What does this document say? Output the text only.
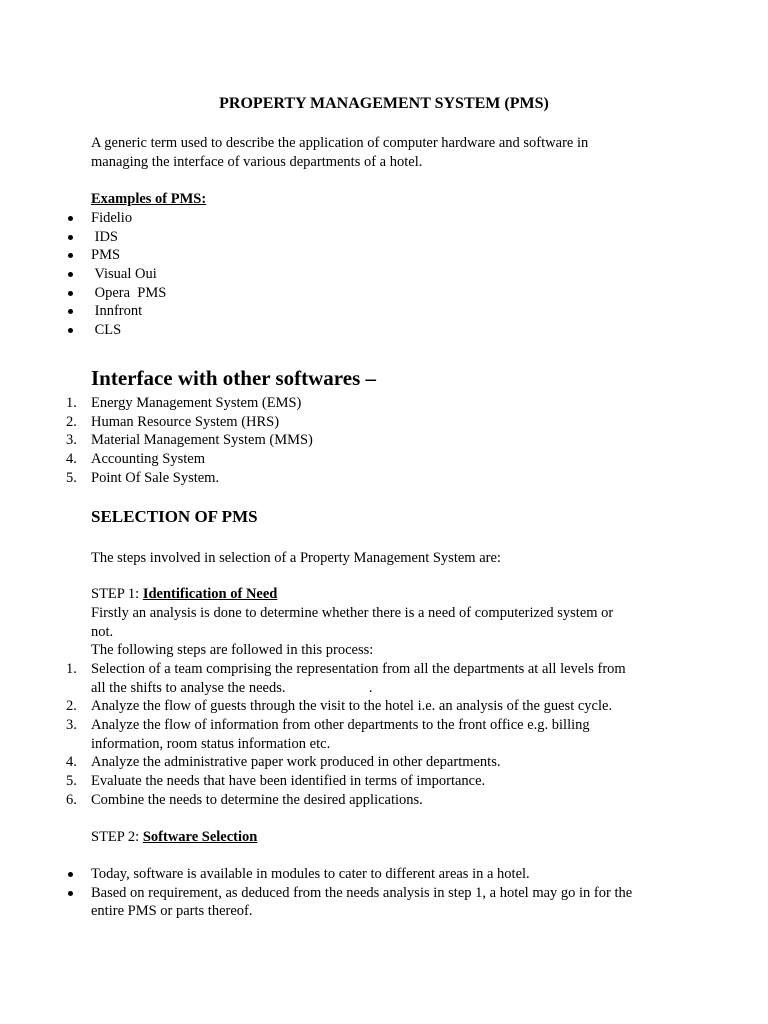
PROPERTY MANAGEMENT SYSTEM (PMS)
A generic term used to describe the application of computer hardware and software in
managing the interface of various departments of a hotel.
Examples of PMS:
Fidelio
IDS
PMS
Visual Oui
Opera  PMS
Innfront
CLS
Interface with other softwares –
1. Energy Management System (EMS)
2. Human Resource System (HRS)
3. Material Management System (MMS)
4. Accounting System
5. Point Of Sale System.
SELECTION OF PMS
The steps involved in selection of a Property Management System are:
STEP 1: Identification of Need
Firstly an analysis is done to determine whether there is a need of computerized system or
not.
The following steps are followed in this process:
1. Selection of a team comprising the representation from all the departments at all levels from
all the shifts to analyse the needs.                       .
2. Analyze the flow of guests through the visit to the hotel i.e. an analysis of the guest cycle.
3. Analyze the flow of information from other departments to the front office e.g. billing
information, room status information etc.
4. Analyze the administrative paper work produced in other departments.
5. Evaluate the needs that have been identified in terms of importance.
6. Combine the needs to determine the desired applications.
STEP 2: Software Selection
Today, software is available in modules to cater to different areas in a hotel.
Based on requirement, as deduced from the needs analysis in step 1, a hotel may go in for the
entire PMS or parts thereof.
